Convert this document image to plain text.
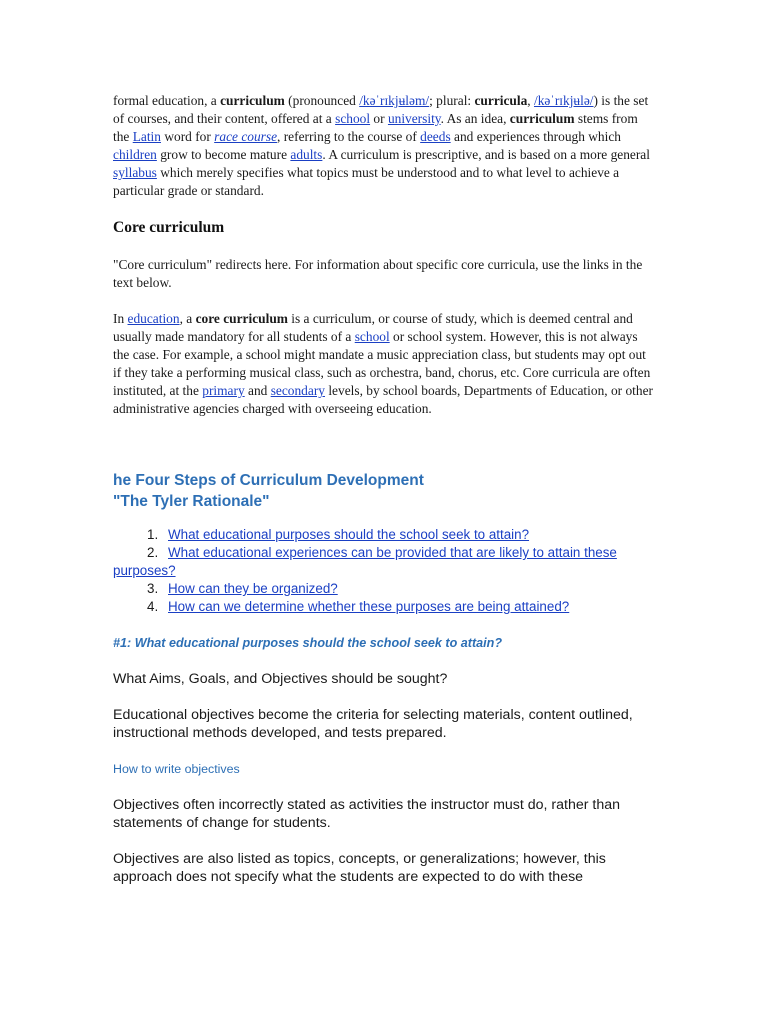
formal education, a curriculum (pronounced /kəˈrɪkjʉləm/; plural: curricula, /kəˈrɪkjʉlə/) is the set of courses, and their content, offered at a school or university. As an idea, curriculum stems from the Latin word for race course, referring to the course of deeds and experiences through which children grow to become mature adults. A curriculum is prescriptive, and is based on a more general syllabus which merely specifies what topics must be understood and to what level to achieve a particular grade or standard.

Core curriculum

"Core curriculum" redirects here. For information about specific core curricula, use the links in the text below.

In education, a core curriculum is a curriculum, or course of study, which is deemed central and usually made mandatory for all students of a school or school system. However, this is not always the case. For example, a school might mandate a music appreciation class, but students may opt out if they take a performing musical class, such as orchestra, band, chorus, etc. Core curricula are often instituted, at the primary and secondary levels, by school boards, Departments of Education, or other administrative agencies charged with overseeing education.

he Four Steps of Curriculum Development
"The Tyler Rationale"
1. What educational purposes should the school seek to attain?
2. What educational experiences can be provided that are likely to attain these purposes?
3. How can they be organized?
4. How can we determine whether these purposes are being attained?
#1: What educational purposes should the school seek to attain?

What Aims, Goals, and Objectives should be sought?

Educational objectives become the criteria for selecting materials, content outlined, instructional methods developed, and tests prepared.

How to write objectives

Objectives often incorrectly stated as activities the instructor must do, rather than statements of change for students.

Objectives are also listed as topics, concepts, or generalizations; however, this approach does not specify what the students are expected to do with these
